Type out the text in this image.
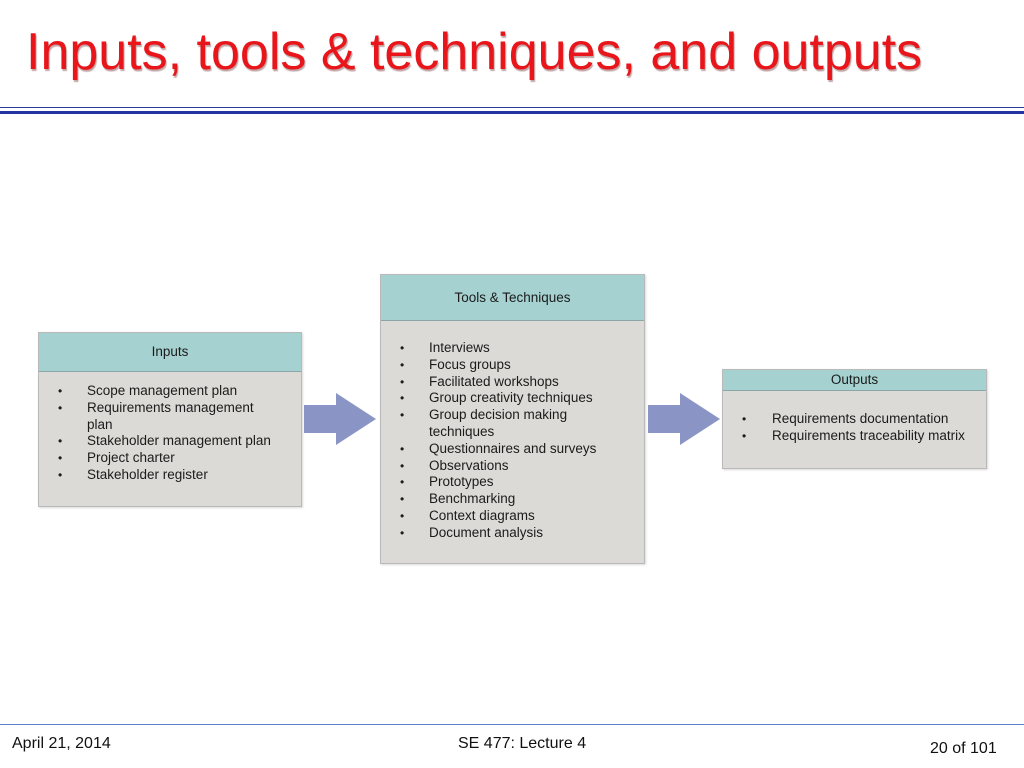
Inputs, tools & techniques, and outputs
Inputs
• Scope management plan
• Requirements management plan
• Stakeholder management plan
• Project charter
• Stakeholder register
Tools & Techniques
• Interviews
• Focus groups
• Facilitated workshops
• Group creativity techniques
• Group decision making techniques
• Questionnaires and surveys
• Observations
• Prototypes
• Benchmarking
• Context diagrams
• Document analysis
Outputs
• Requirements documentation
• Requirements traceability matrix
April 21, 2014	SE 477: Lecture 4	20 of 101
